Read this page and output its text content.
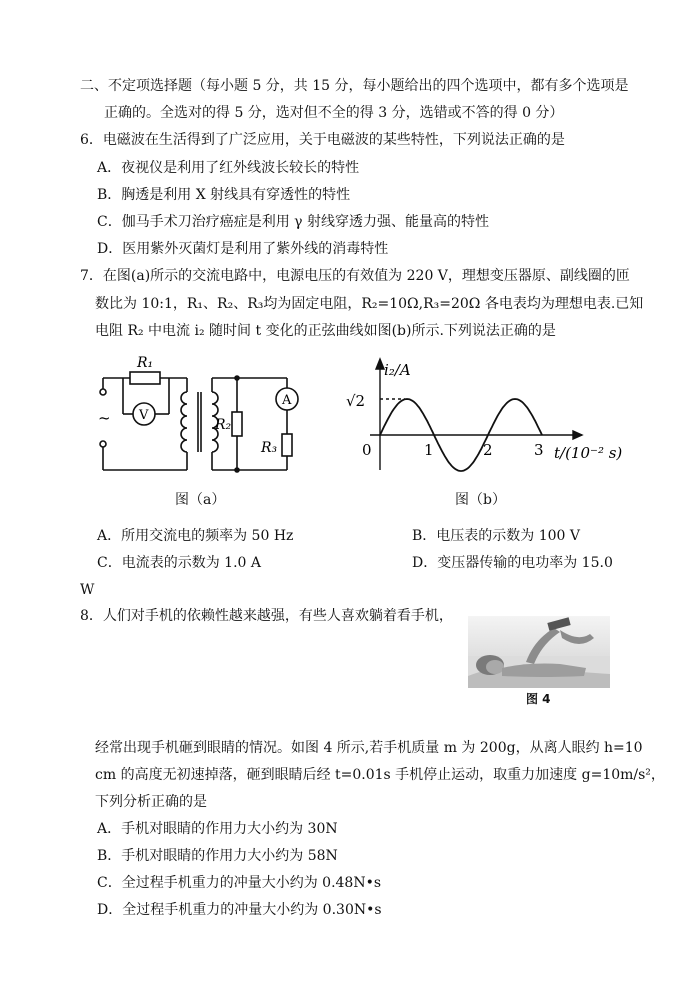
二、不定项选择题（每小题 5 分，共 15 分，每小题给出的四个选项中，都有多个选项是
正确的。全选对的得 5 分，选对但不全的得 3 分，选错或不答的得 0 分）
6．电磁波在生活得到了广泛应用，关于电磁波的某些特性，下列说法正确的是
A．夜视仪是利用了红外线波长较长的特性
B．胸透是利用 X 射线具有穿透性的特性
C．伽马手术刀治疗癌症是利用 γ 射线穿透力强、能量高的特性
D．医用紫外灭菌灯是利用了紫外线的消毒特性
7．在图(a)所示的交流电路中，电源电压的有效值为 220 V，理想变压器原、副线圈的匝
数比为 10:1，R₁、R₂、R₃均为固定电阻，R₂=10Ω,R₃=20Ω 各电表均为理想电表.已知
电阻 R₂ 中电流 i₂ 随时间 t 变化的正弦曲线如图(b)所示.下列说法正确的是
~
R₁
V
R₂
A
R₃
图（a）
i₂/A
√2
0	1	2	3 t/(10⁻² s)
图（b）
A．所用交流电的频率为 50 Hz	B．电压表的示数为 100 V
C．电流表的示数为 1.0 A	D．变压器传输的电功率为 15.0
W
8．人们对手机的依赖性越来越强，有些人喜欢躺着看手机，
图 4
经常出现手机砸到眼睛的情况。如图 4 所示,若手机质量 m 为 200g，从离人眼约 h=10
cm 的高度无初速掉落，砸到眼睛后经 t=0.01s 手机停止运动，取重力加速度 g=10m/s²，
下列分析正确的是
A．手机对眼睛的作用力大小约为 30N
B．手机对眼睛的作用力大小约为 58N
C．全过程手机重力的冲量大小约为 0.48N•s
D．全过程手机重力的冲量大小约为 0.30N•s
